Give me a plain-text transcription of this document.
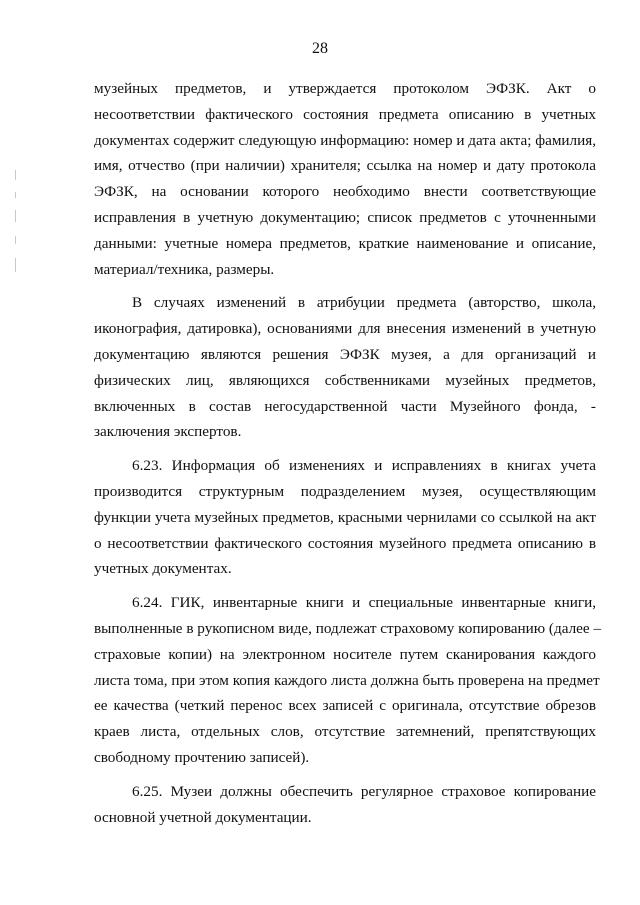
28

музейных предметов, и утверждается протоколом ЭФЗК. Акт о
несоответствии фактического состояния предмета описанию в учетных
документах содержит следующую информацию: номер и дата акта; фамилия,
имя, отчество (при наличии) хранителя; ссылка на номер и дату протокола
ЭФЗК, на основании которого необходимо внести соответствующие
исправления в учетную документацию; список предметов с уточненными
данными: учетные номера предметов, краткие наименование и описание,
материал/техника, размеры.

В случаях изменений в атрибуции предмета (авторство, школа,
иконография, датировка), основаниями для внесения изменений в учетную
документацию являются решения ЭФЗК музея, а для организаций и
физических лиц, являющихся собственниками музейных предметов,
включенных в состав негосударственной части Музейного фонда, -
заключения экспертов.

6.23. Информация об изменениях и исправлениях в книгах учета
производится структурным подразделением музея, осуществляющим
функции учета музейных предметов, красными чернилами со ссылкой на акт
о несоответствии фактического состояния музейного предмета описанию в
учетных документах.

6.24. ГИК, инвентарные книги и специальные инвентарные книги,
выполненные в рукописном виде, подлежат страховому копированию (далее –
страховые копии) на электронном носителе путем сканирования каждого
листа тома, при этом копия каждого листа должна быть проверена на предмет
ее качества (четкий перенос всех записей с оригинала, отсутствие обрезов
краев листа, отдельных слов, отсутствие затемнений, препятствующих
свободному прочтению записей).

6.25. Музеи должны обеспечить регулярное страховое копирование
основной учетной документации.
